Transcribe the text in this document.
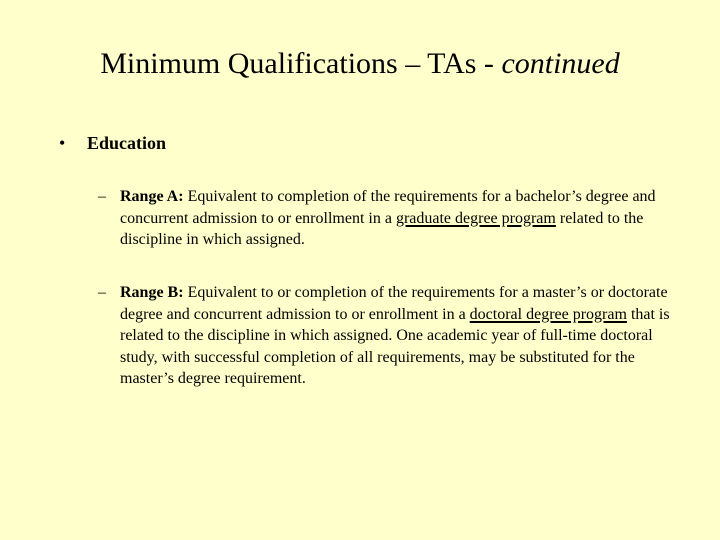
Minimum Qualifications – TAs - continued
• Education
– Range A: Equivalent to completion of the requirements for a bachelor’s degree and concurrent admission to or enrollment in a graduate degree program related to the discipline in which assigned.
– Range B: Equivalent to or completion of the requirements for a master’s or doctorate degree and concurrent admission to or enrollment in a doctoral degree program that is related to the discipline in which assigned. One academic year of full-time doctoral study, with successful completion of all requirements, may be substituted for the master’s degree requirement.
